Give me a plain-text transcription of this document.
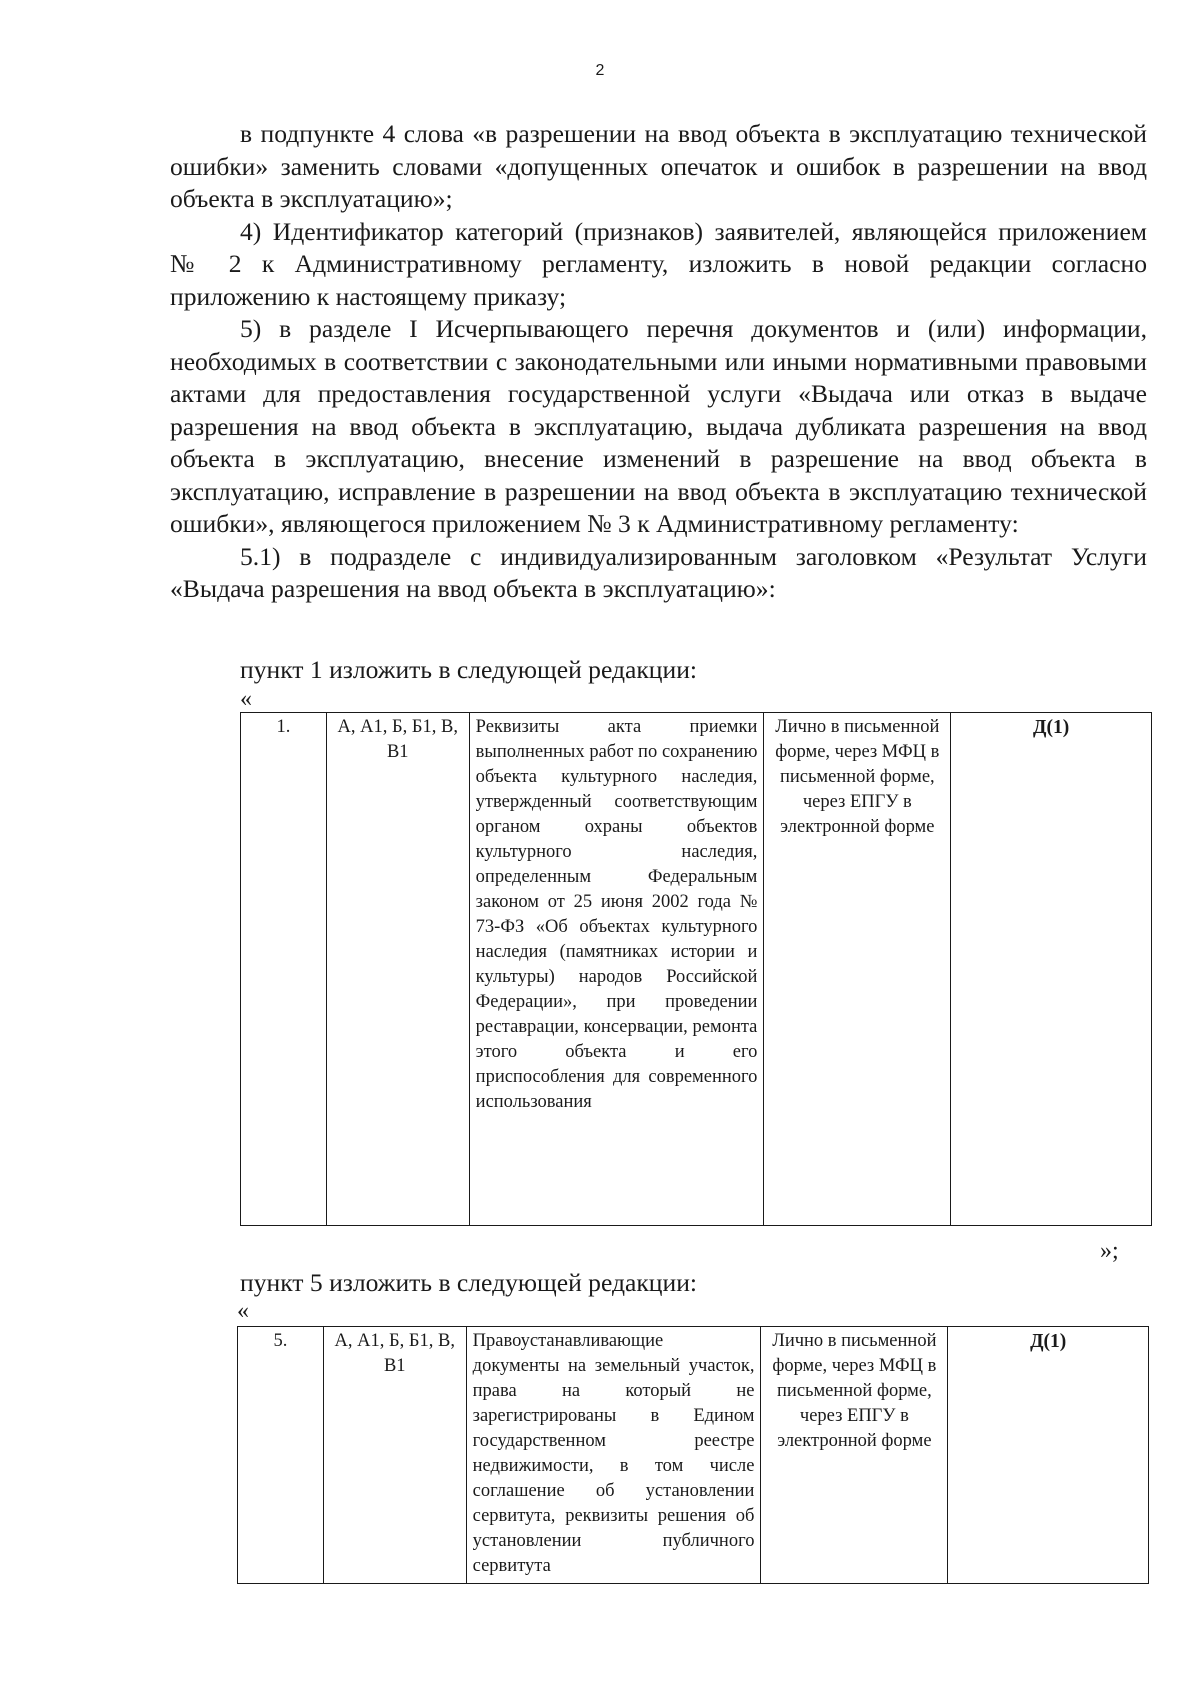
2

в подпункте 4 слова «в разрешении на ввод объекта в эксплуатацию технической ошибки» заменить словами «допущенных опечаток и ошибок в разрешении на ввод объекта в эксплуатацию»;

4) Идентификатор категорий (признаков) заявителей, являющейся приложением № 2 к Административному регламенту, изложить в новой редакции согласно приложению к настоящему приказу;

5) в разделе I Исчерпывающего перечня документов и (или) информации, необходимых в соответствии с законодательными или иными нормативными правовыми актами для предоставления государственной услуги «Выдача или отказ в выдаче разрешения на ввод объекта в эксплуатацию, выдача дубликата разрешения на ввод объекта в эксплуатацию, внесение изменений в разрешение на ввод объекта в эксплуатацию, исправление в разрешении на ввод объекта в эксплуатацию технической ошибки», являющегося приложением № 3 к Административному регламенту:

5.1) в подразделе с индивидуализированным заголовком «Результат Услуги «Выдача разрешения на ввод объекта в эксплуатацию»:

пункт 1 изложить в следующей редакции:
«
1.	А, А1, Б, Б1, В, В1	Реквизиты акта приемки выполненных работ по сохранению объекта культурного наследия, утвержденный соответствующим органом охраны объектов культурного наследия, определенным Федеральным законом от 25 июня 2002 года № 73-ФЗ «Об объектах культурного наследия (памятниках истории и культуры) народов Российской Федерации», при проведении реставрации, консервации, ремонта этого объекта и его приспособления для современного использования	Лично в письменной форме, через МФЦ в письменной форме, через ЕПГУ в электронной форме	Д(1)
»;
пункт 5 изложить в следующей редакции:
«
5.	А, А1, Б, Б1, В, В1	Правоустанавливающие документы на земельный участок, права на который не зарегистрированы в Едином государственном реестре недвижимости, в том числе соглашение об установлении сервитута, реквизиты решения об установлении публичного сервитута	Лично в письменной форме, через МФЦ в письменной форме, через ЕПГУ в электронной форме	Д(1)
